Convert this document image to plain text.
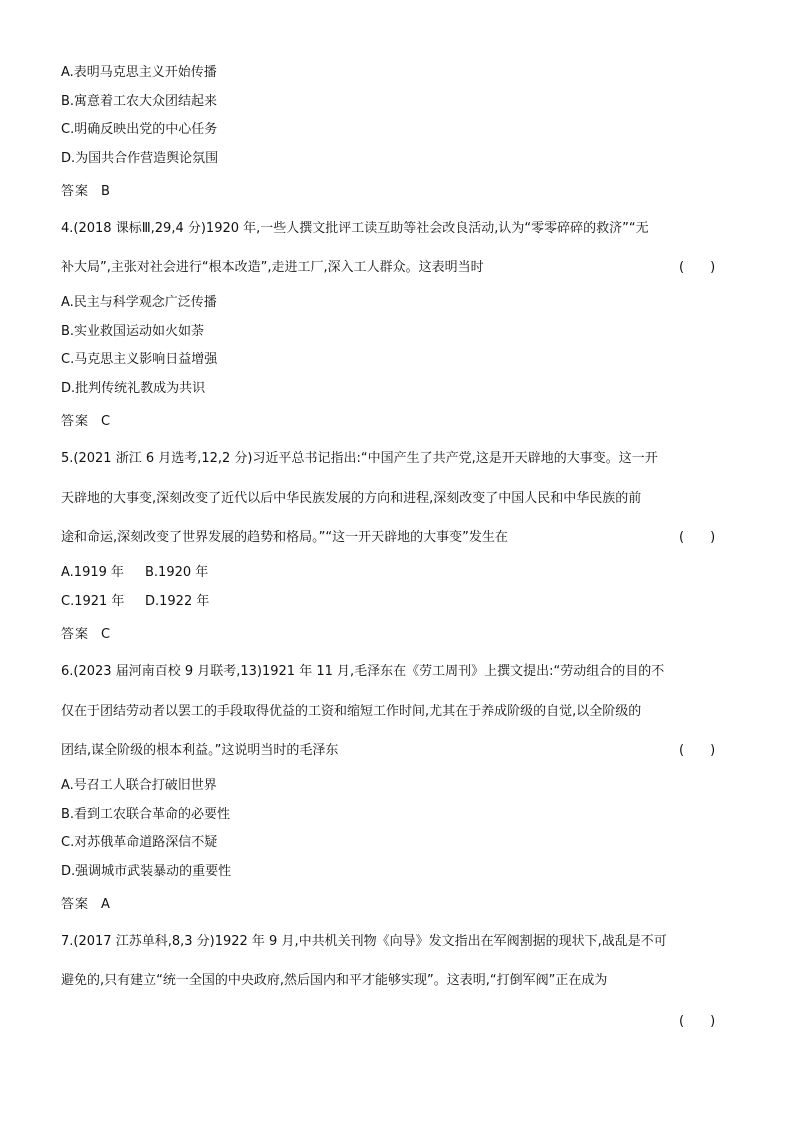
A.表明马克思主义开始传播
B.寓意着工农大众团结起来
C.明确反映出党的中心任务
D.为国共合作营造舆论氛围
答案 B
4.(2018 课标Ⅲ,29,4 分)1920 年,一些人撰文批评工读互助等社会改良活动,认为“零零碎碎的救济”“无
补大局”,主张对社会进行“根本改造”,走进工厂,深入工人群众。这表明当时	(　　)
A.民主与科学观念广泛传播
B.实业救国运动如火如荼
C.马克思主义影响日益增强
D.批判传统礼教成为共识
答案 C
5.(2021 浙江 6 月选考,12,2 分)习近平总书记指出:“中国产生了共产党,这是开天辟地的大事变。这一开
天辟地的大事变,深刻改变了近代以后中华民族发展的方向和进程,深刻改变了中国人民和中华民族的前
途和命运,深刻改变了世界发展的趋势和格局。”“这一开天辟地的大事变”发生在	(　　)
A.1919 年 B.1920 年
C.1921 年 D.1922 年
答案 C
6.(2023 届河南百校 9 月联考,13)1921 年 11 月,毛泽东在《劳工周刊》上撰文提出:“劳动组合的目的不
仅在于团结劳动者以罢工的手段取得优益的工资和缩短工作时间,尤其在于养成阶级的自觉,以全阶级的
团结,谋全阶级的根本利益。”这说明当时的毛泽东	(　　)
A.号召工人联合打破旧世界
B.看到工农联合革命的必要性
C.对苏俄革命道路深信不疑
D.强调城市武装暴动的重要性
答案 A
7.(2017 江苏单科,8,3 分)1922 年 9 月,中共机关刊物《向导》发文指出在军阀割据的现状下,战乱是不可
避免的,只有建立“统一全国的中央政府,然后国内和平才能够实现”。这表明,“打倒军阀”正在成为
(　　)
